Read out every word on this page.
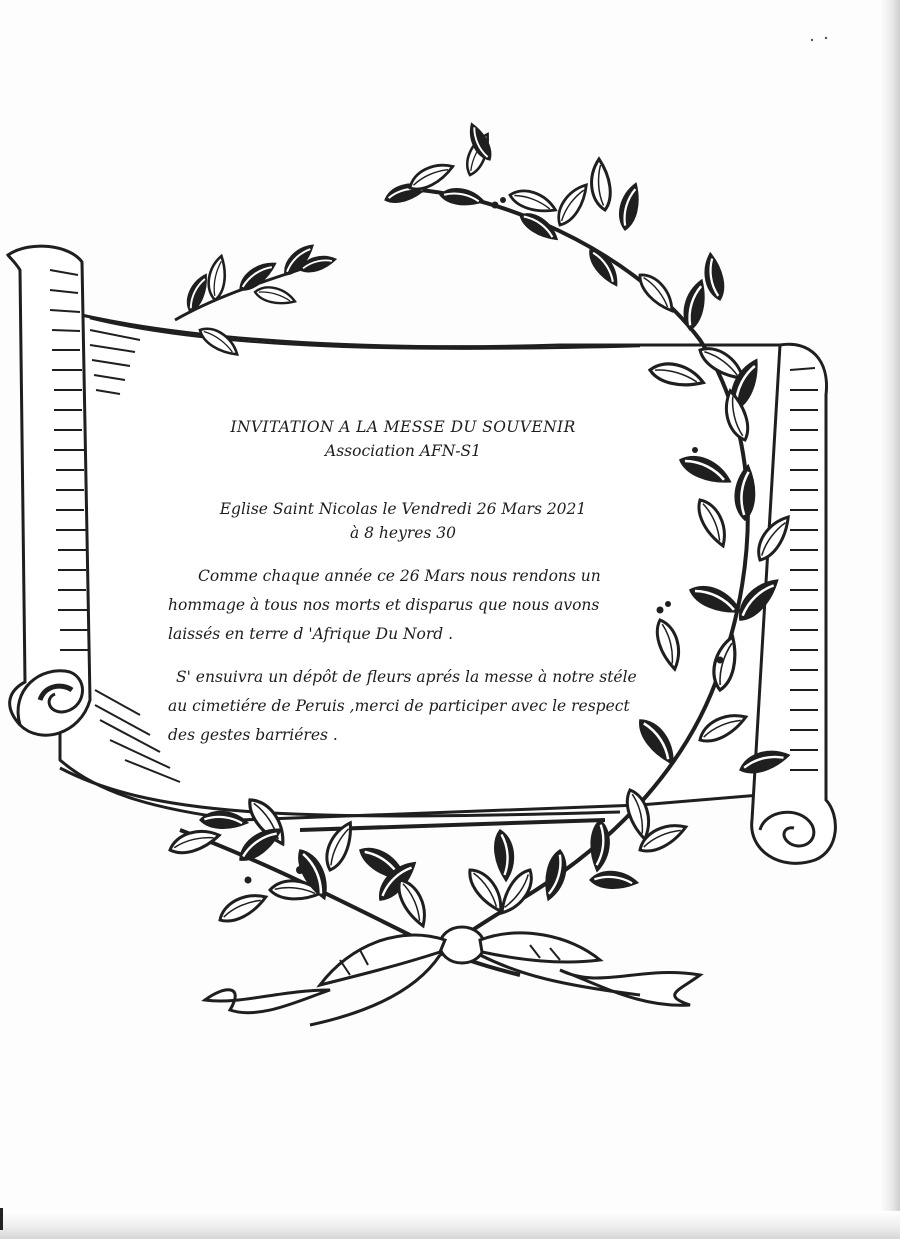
INVITATION A LA MESSE DU SOUVENIR

Association AFN-S1

Eglise Saint Nicolas le Vendredi 26 Mars 2021

à 8 heyres 30

Comme chaque année ce 26 Mars nous rendons un hommage à tous nos morts et disparus que nous avons laissés en terre d 'Afrique Du Nord .

S' ensuivra un dépôt de fleurs aprés la messe à notre stéle au cimetiére de Peruis ,merci de participer avec le respect des gestes barriéres .
